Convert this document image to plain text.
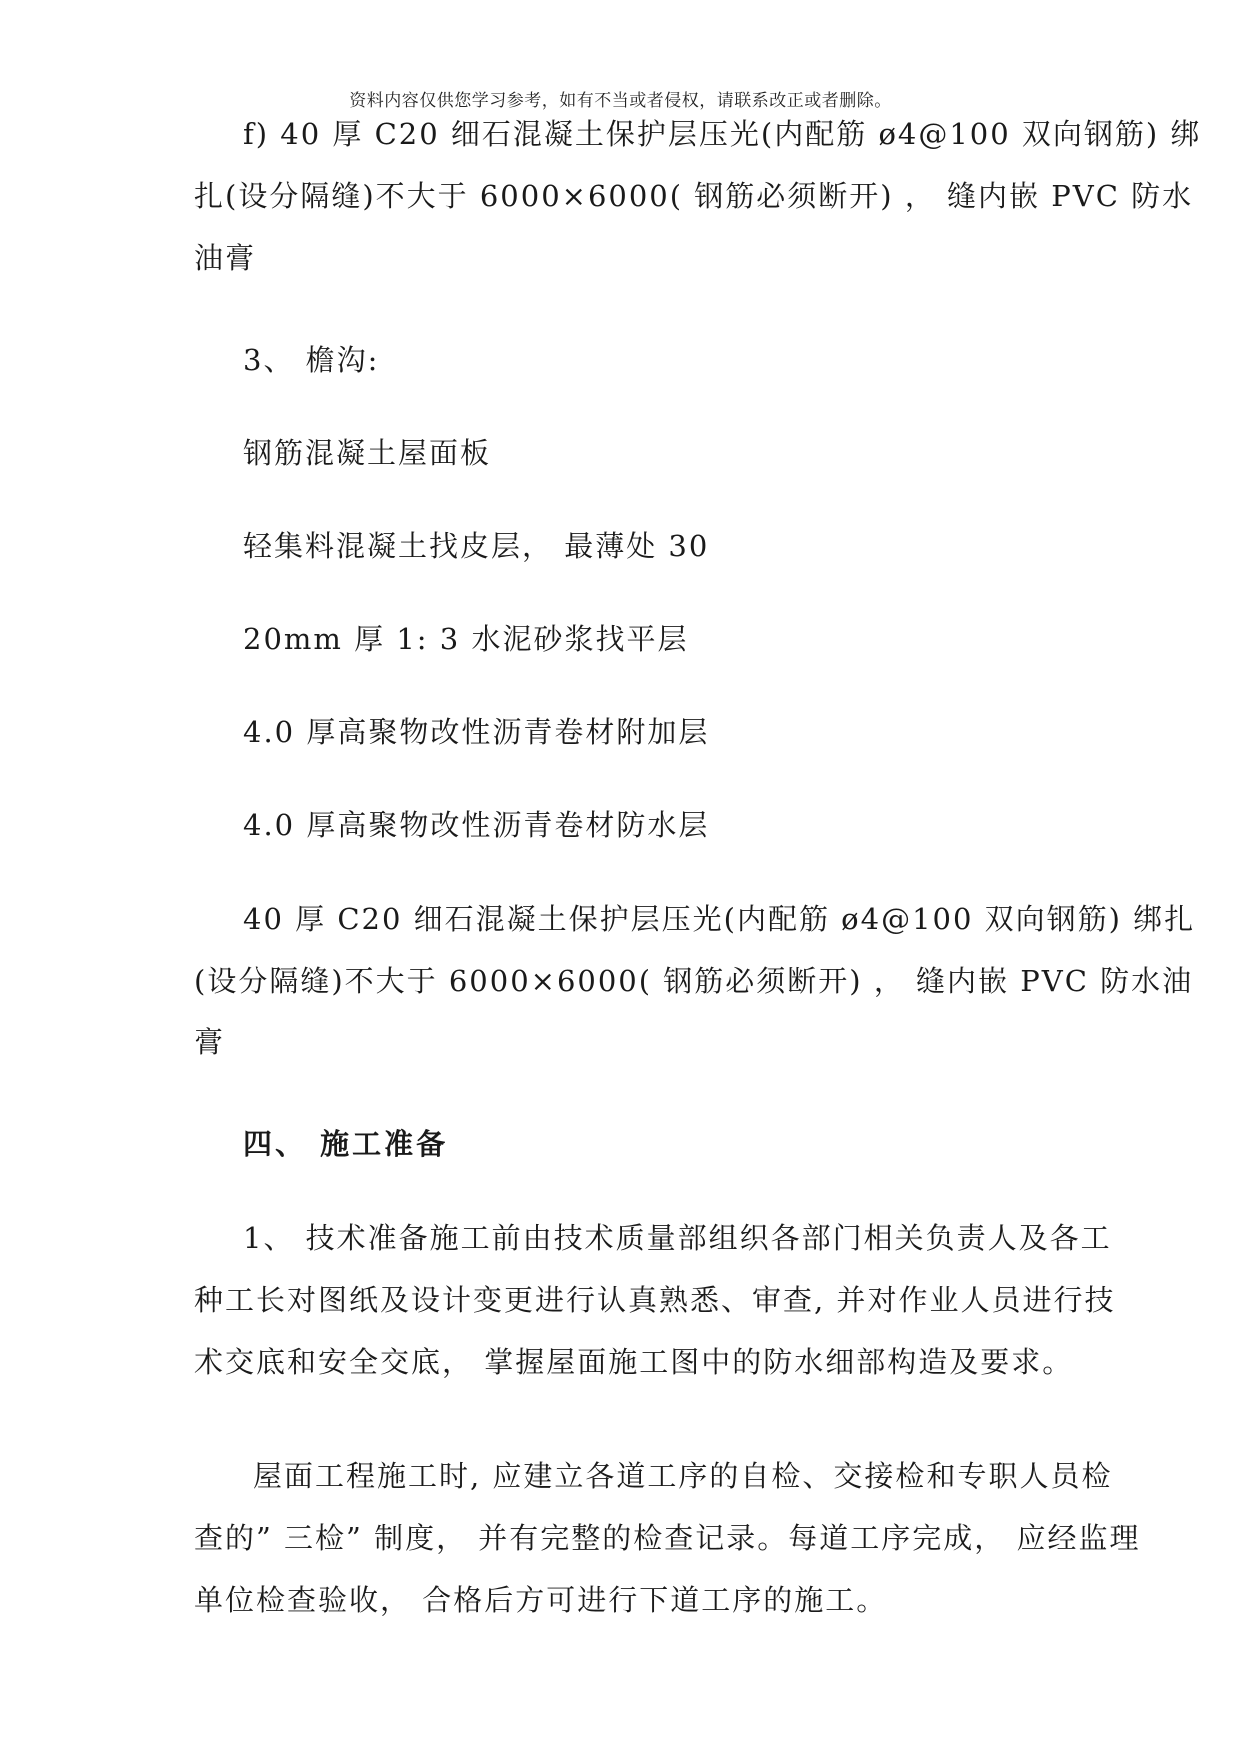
资料内容仅供您学习参考，如有不当或者侵权，请联系改正或者删除。
f) 40 厚 C20 细石混凝土保护层压光(内配筋 ø4@100 双向钢筋) 绑
扎(设分隔缝)不大于 6000×6000( 钢筋必须断开) ， 缝内嵌 PVC 防水
油膏
3、 檐沟:
钢筋混凝土屋面板
轻集料混凝土找皮层， 最薄处 30
20mm 厚 1: 3 水泥砂浆找平层
4.0 厚高聚物改性沥青卷材附加层
4.0 厚高聚物改性沥青卷材防水层
40 厚 C20 细石混凝土保护层压光(内配筋 ø4@100 双向钢筋) 绑扎
(设分隔缝)不大于 6000×6000( 钢筋必须断开) ， 缝内嵌 PVC 防水油
膏
四、 施工准备
1、 技术准备施工前由技术质量部组织各部门相关负责人及各工
种工长对图纸及设计变更进行认真熟悉、审查, 并对作业人员进行技
术交底和安全交底， 掌握屋面施工图中的防水细部构造及要求。
屋面工程施工时, 应建立各道工序的自检、交接检和专职人员检
查的” 三检” 制度， 并有完整的检查记录。每道工序完成， 应经监理
单位检查验收， 合格后方可进行下道工序的施工。
